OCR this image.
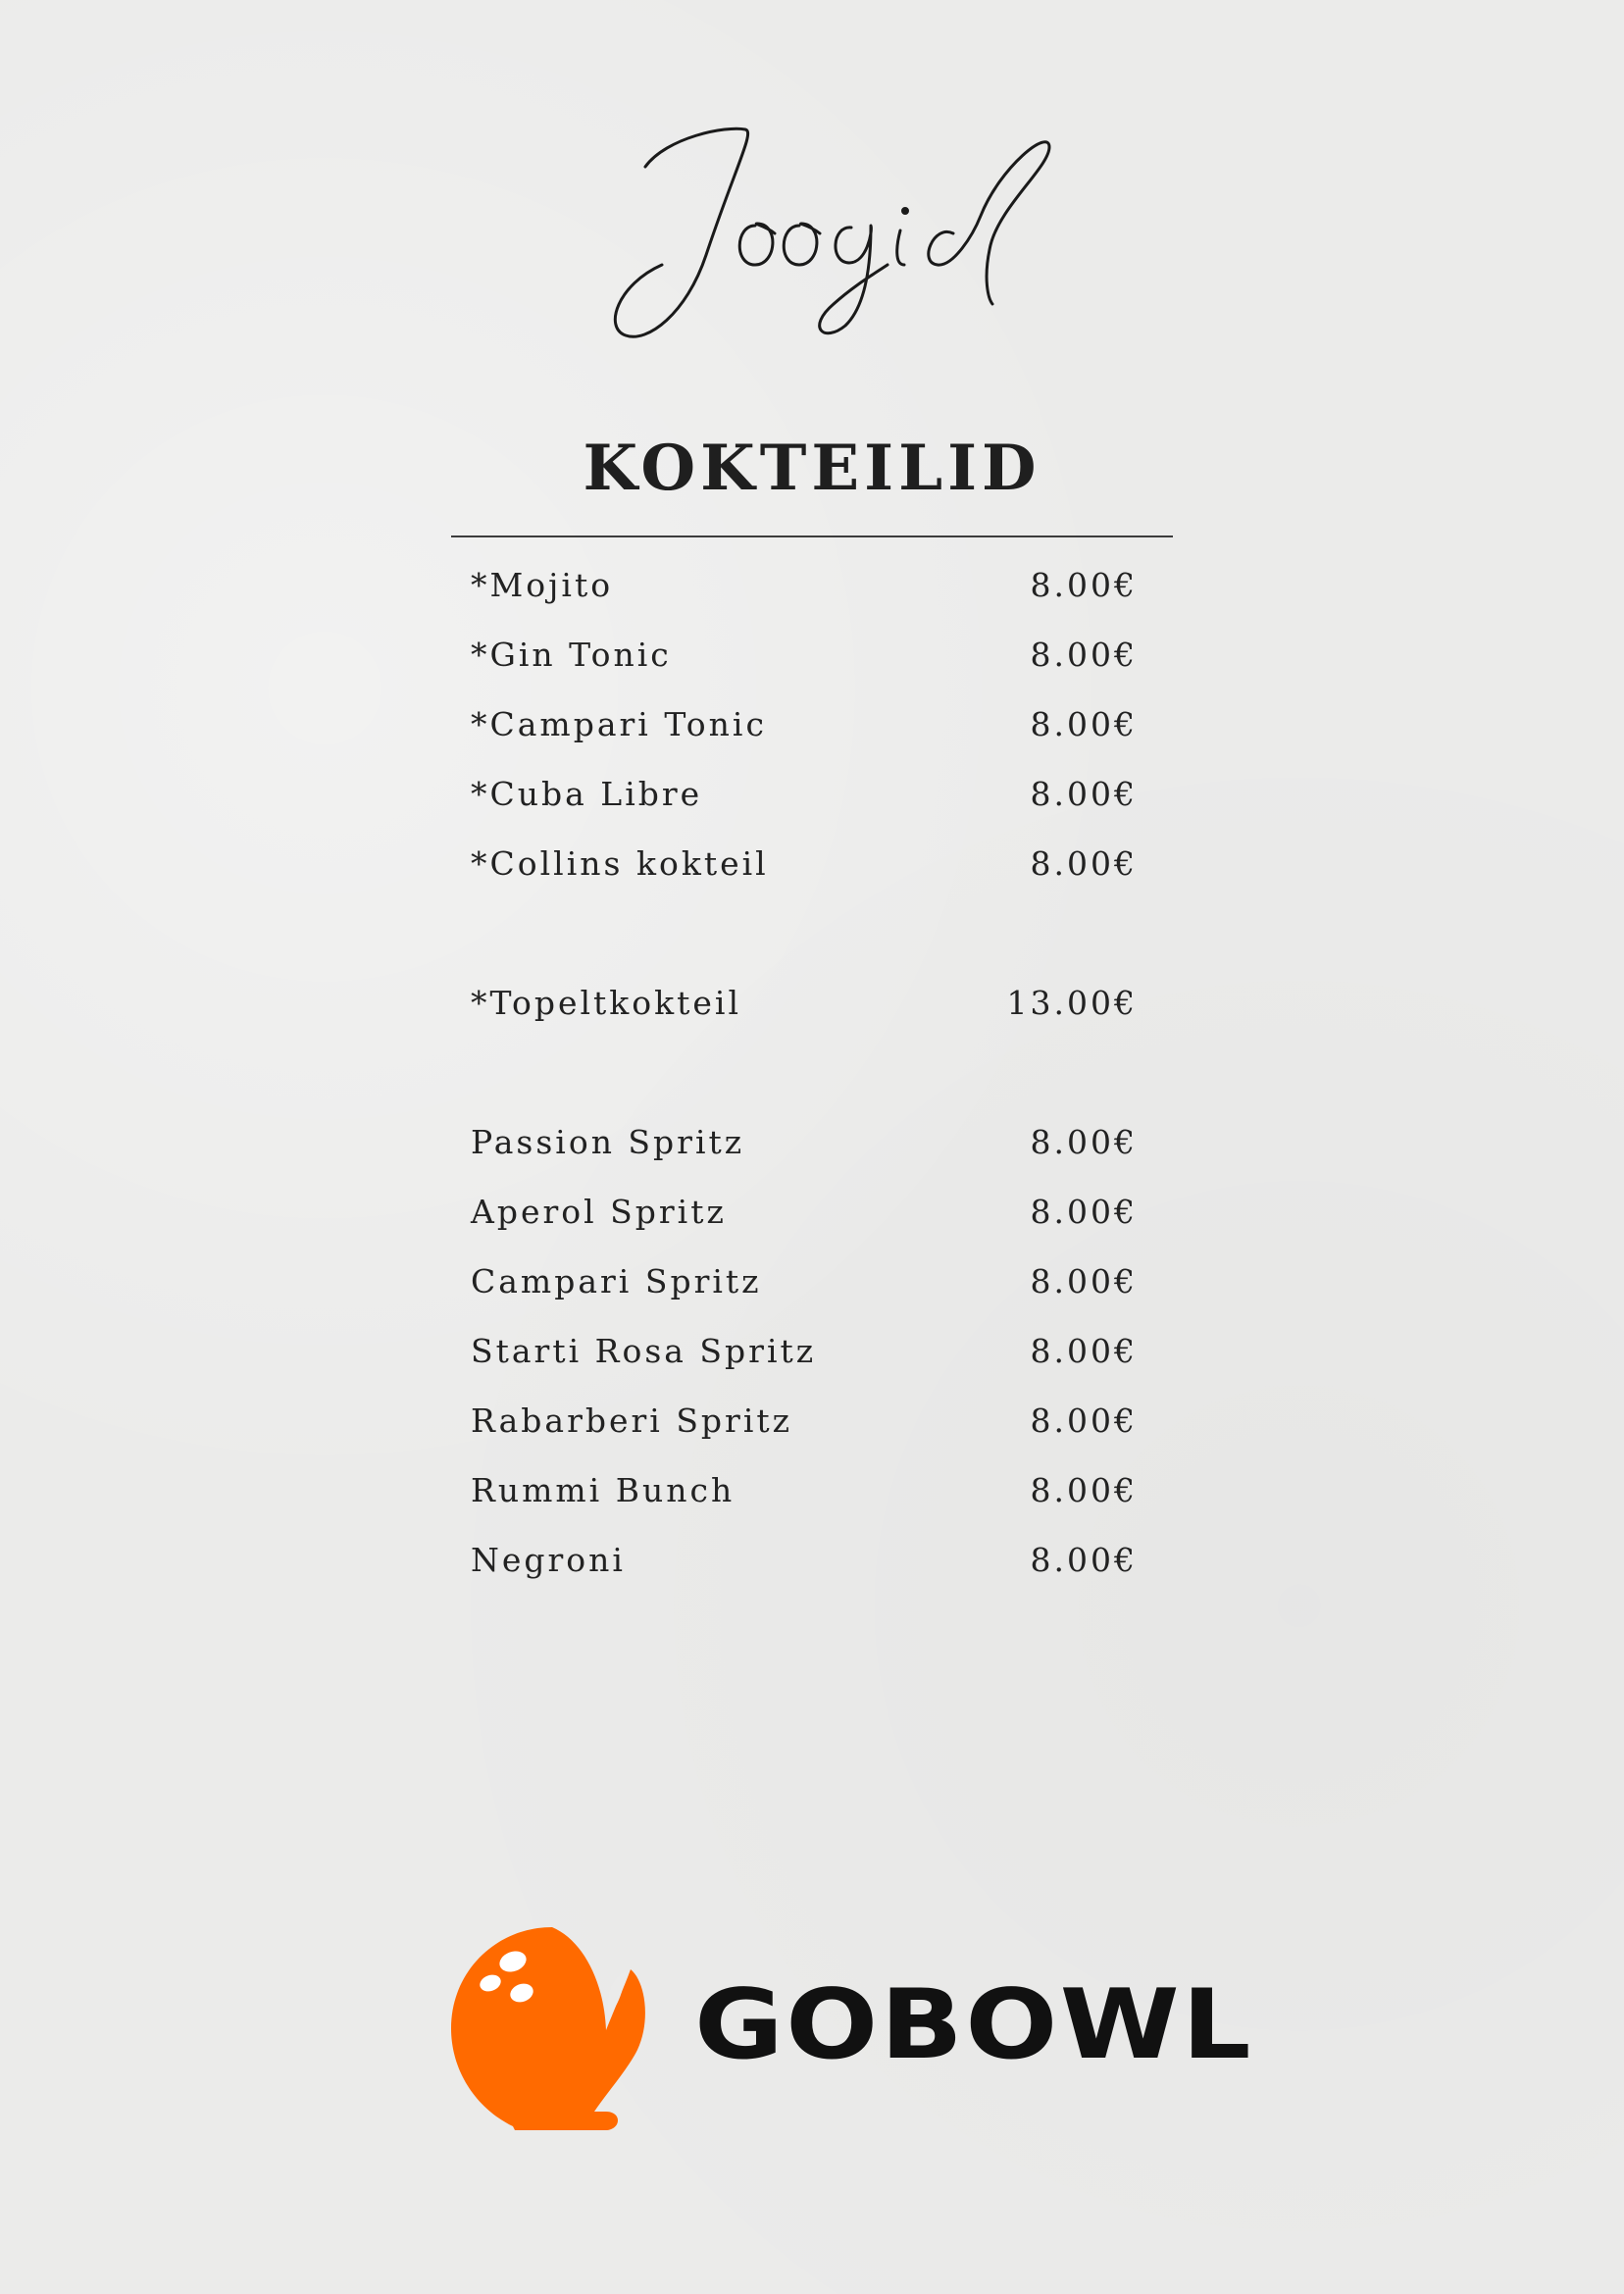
KOKTEILID
*Mojito	8.00€
*Gin Tonic	8.00€
*Campari Tonic	8.00€
*Cuba Libre	8.00€
*Collins kokteil	8.00€
*Topeltkokteil	13.00€
Passion Spritz	8.00€
Aperol Spritz	8.00€
Campari Spritz	8.00€
Starti Rosa Spritz	8.00€
Rabarberi Spritz	8.00€
Rummi Bunch	8.00€
Negroni	8.00€
GOBOWL
